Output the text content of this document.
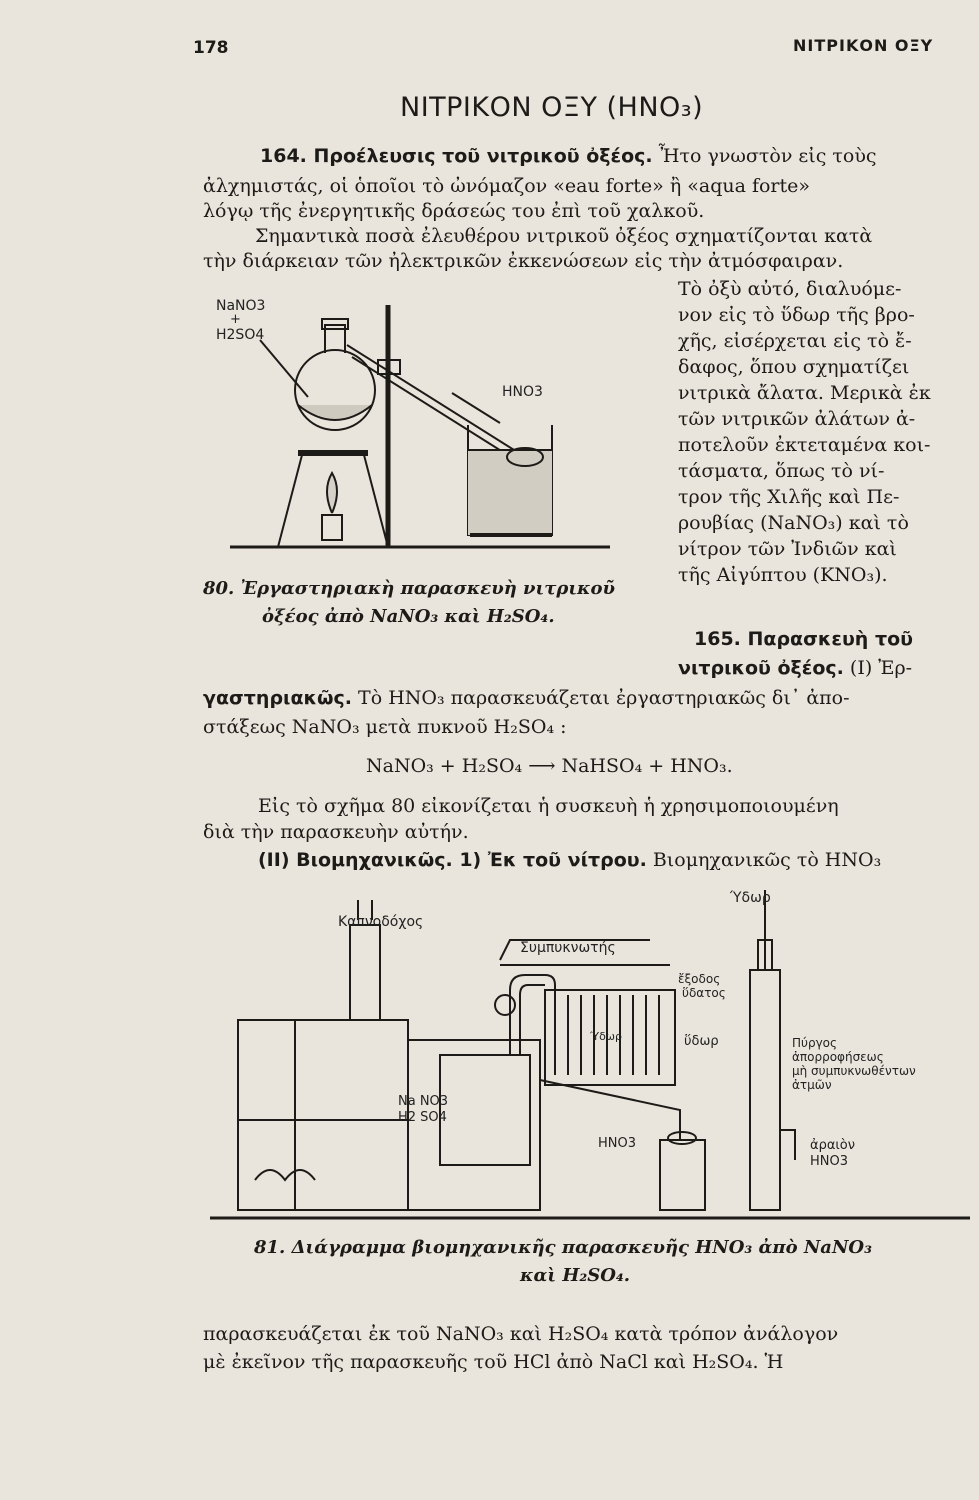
178	ΝΙΤΡΙΚΟΝ ΟΞΥ
ΝΙΤΡΙΚΟΝ ΟΞΥ (ΗΝΟ₃)
164. Προέλευσις τοῦ νιτρικοῦ ὀξέος. Ἦτο γνωστὸν εἰς τοὺς
ἀλχημιστάς, οἱ ὁποῖοι τὸ ὠνόμαζον «eau forte» ἢ «aqua forte»
λόγῳ τῆς ἐνεργητικῆς δράσεώς του ἐπὶ τοῦ χαλκοῦ.
Σημαντικὰ ποσὰ ἐλευθέρου νιτρικοῦ ὀξέος σχηματίζονται κατὰ
τὴν διάρκειαν τῶν ἠλεκτρικῶν ἐκκενώσεων εἰς τὴν ἀτμόσφαιραν.
Τὸ ὀξὺ αὐτό, διαλυόμε-
νον εἰς τὸ ὕδωρ τῆς βρο-
χῆς, εἰσέρχεται εἰς τὸ ἔ-
δαφος, ὅπου σχηματίζει
νιτρικὰ ἄλατα. Μερικὰ ἐκ
τῶν νιτρικῶν ἀλάτων ἀ-
ποτελοῦν ἐκτεταμένα κοι-
τάσματα, ὅπως τὸ νί-
τρον τῆς Χιλῆς καὶ Πε-
ρουβίας (NaNO₃) καὶ τὸ
νίτρον τῶν Ἰνδιῶν καὶ
τῆς Αἰγύπτου (KNO₃).
NaNO3
+
H2SO4
HNO3
80. Ἐργαστηριακὴ παρασκευὴ νιτρικοῦ
ὀξέος ἀπὸ NaNO₃ καὶ H₂SO₄.
165. Παρασκευὴ τοῦ
νιτρικοῦ ὀξέος. (I) Ἐρ-
γαστηριακῶς. Τὸ HNO₃ παρασκευάζεται ἐργαστηριακῶς δι᾿ ἀπο-
στάξεως NaNO₃ μετὰ πυκνοῦ H₂SO₄ :
NaNO₃ + H₂SO₄ ⟶ NaHSO₄ + HNO₃.
Εἰς τὸ σχῆμα 80 εἰκονίζεται ἡ συσκευὴ ἡ χρησιμοποιουμένη
διὰ τὴν παρασκευὴν αὐτήν.
(II) Βιομηχανικῶς. 1) Ἐκ τοῦ νίτρου. Βιομηχανικῶς τὸ HNO₃
Καπνοδόχος
Συμπυκνωτής
Ύδωρ
ἔξοδος
ὕδατος
ὕδωρ
Ύδωρ	Πύργος
ἀπορροφήσεως
μὴ συμπυκνωθέντων
ἀτμῶν
Na NO3
H2 SO4
HNO3	ἀραιὸν
HNO3
81. Διάγραμμα βιομηχανικῆς παρασκευῆς HNO₃ ἀπὸ NaNO₃
καὶ H₂SO₄.
παρασκευάζεται ἐκ τοῦ NaNO₃ καὶ H₂SO₄ κατὰ τρόπον ἀνάλογον
μὲ ἐκεῖνον τῆς παρασκευῆς τοῦ HCl ἀπὸ NaCl καὶ H₂SO₄. Ἡ
